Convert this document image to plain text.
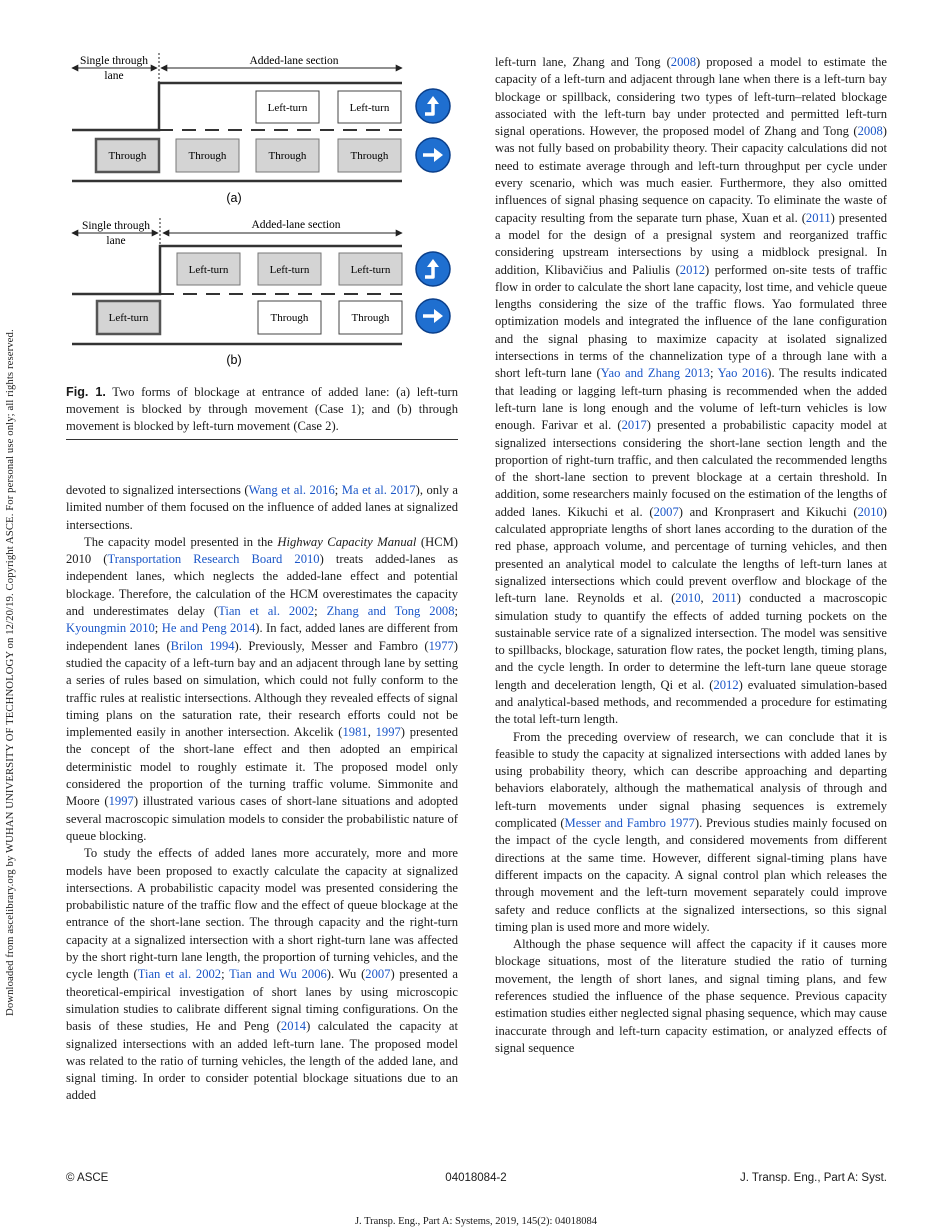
Downloaded from ascelibrary.org by WUHAN UNIVERSITY OF TECHNOLOGY on 12/20/19. Copyright ASCE. For personal use only; all rights reserved.
Single through
lane
Added-lane section
Left-turn	Left-turn
Through	Through	Through	Through
(a)
Single through
lane
Added-lane section
Left-turn	Left-turn	Left-turn
Left-turn	Through	Through
(b)
Fig. 1. Two forms of blockage at entrance of added lane: (a) left-turn movement is blocked by through movement (Case 1); and (b) through movement is blocked by left-turn movement (Case 2).

devoted to signalized intersections (Wang et al. 2016; Ma et al. 2017), only a limited number of them focused on the influence of added lanes at signalized intersections.

The capacity model presented in the Highway Capacity Manual (HCM) 2010 (Transportation Research Board 2010) treats added-lanes as independent lanes, which neglects the added-lane effect and potential blockage. Therefore, the calculation of the HCM overestimates the capacity and underestimates delay (Tian et al. 2002; Zhang and Tong 2008; Kyoungmin 2010; He and Peng 2014). In fact, added lanes are different from independent lanes (Brilon 1994). Previously, Messer and Fambro (1977) studied the capacity of a left-turn bay and an adjacent through lane by setting a series of rules based on simulation, which could not fully conform to the traffic rules at realistic intersections. Although they revealed effects of signal timing plans on the saturation rate, their research efforts could not be implemented easily in another intersection. Akcelik (1981, 1997) presented the concept of the short-lane effect and then adopted an empirical deterministic model to roughly estimate it. The proposed model only considered the proportion of the turning traffic volume. Simmonite and Moore (1997) illustrated various cases of short-lane situations and adopted several macroscopic simulation models to consider the probabilistic nature of queue blocking.

To study the effects of added lanes more accurately, more and more models have been proposed to exactly calculate the capacity at signalized intersections. A probabilistic capacity model was presented considering the probabilistic nature of the traffic flow and the effect of queue blockage at the entrance of the short-lane section. The through capacity and the right-turn capacity at a signalized intersection with a short right-turn lane was affected by the short right-turn lane length, the proportion of turning vehicles, and the cycle length (Tian et al. 2002; Tian and Wu 2006). Wu (2007) presented a theoretical-empirical investigation of short lanes by using microscopic simulation studies to calibrate different signal timing configurations. On the basis of these studies, He and Peng (2014) calculated the capacity at signalized intersections with an added left-turn lane. The proposed model was related to the ratio of turning vehicles, the length of the added lane, and signal timing. In order to consider potential blockage situations due to an added

left-turn lane, Zhang and Tong (2008) proposed a model to estimate the capacity of a left-turn and adjacent through lane when there is a left-turn bay blockage or spillback, considering two types of left-turn–related blockage associated with the left-turn bay under protected and permitted left-turn signal operations. However, the proposed model of Zhang and Tong (2008) was not fully based on probability theory. Their capacity calculations did not need to estimate average through and left-turn throughput per cycle under every scenario, which was much easier. Furthermore, they also omitted influences of signal phasing sequence on capacity. To eliminate the waste of capacity resulting from the separate turn phase, Xuan et al. (2011) presented a model for the design of a presignal system and reorganized traffic considering upstream intersections by using a midblock presignal. In addition, Klibavičius and Paliulis (2012) performed on-site tests of traffic flow in order to calculate the short lane capacity, lost time, and vehicle queue lengths considering the size of the traffic flows. Yao formulated three optimization models and integrated the influence of the lane configuration and the signal phasing to maximize capacity at isolated signalized intersections in terms of the channelization type of a through lane with a short left-turn lane (Yao and Zhang 2013; Yao 2016). The results indicated that leading or lagging left-turn phasing is recommended when the added left-turn lane is long enough and the volume of left-turn vehicles is low enough. Farivar et al. (2017) presented a probabilistic capacity model at signalized intersections considering the short-lane section length and the proportion of right-turn traffic, and then calculated the recommended lengths of the short-lane section to prevent blockage at a certain threshold. In addition, some researchers mainly focused on the estimation of the lengths of added lanes. Kikuchi et al. (2007) and Kronprasert and Kikuchi (2010) calculated appropriate lengths of short lanes according to the duration of the red phase, approach volume, and percentage of turning vehicles, and then presented an analytical model to calculate the lengths of left-turn lanes at signalized intersections which could prevent overflow and blockage of the left-turn lane. Reynolds et al. (2010, 2011) conducted a macroscopic simulation study to quantify the effects of added turning pockets on the sustainable service rate of a signalized intersection. The model was sensitive to spillbacks, blockage, saturation flow rates, the pocket length, timing plans, and the cycle length. In order to determine the left-turn lane queue storage length and deceleration length, Qi et al. (2012) evaluated simulation-based and analytical-based methods, and recommended a procedure for estimating the total left-turn length.

From the preceding overview of research, we can conclude that it is feasible to study the capacity at signalized intersections with added lanes by using probability theory, which can describe approaching and departing behaviors elaborately, although the mathematical analysis of through and left-turn movements under signal phasing sequences is extremely complicated (Messer and Fambro 1977). Previous studies mainly focused on the impact of the cycle length, and considered movements from different directions at the same time. However, different signal-timing plans have different impacts on the capacity. A signal control plan which releases the through movement and the left-turn movement separately could improve safety and reduce conflicts at the signalized intersections, so this signal timing plan is used more and more widely.

Although the phase sequence will affect the capacity if it causes more blockage situations, most of the literature studied the ratio of turning movement, the length of short lanes, and signal timing plans, and few references studied the influence of the phase sequence. Previous capacity estimation studies either neglected signal phasing sequence, which may cause inaccurate through and left-turn capacity estimation, or analyzed effects of signal sequence

© ASCE	04018084-2	J. Transp. Eng., Part A: Syst.
J. Transp. Eng., Part A: Systems, 2019, 145(2): 04018084
